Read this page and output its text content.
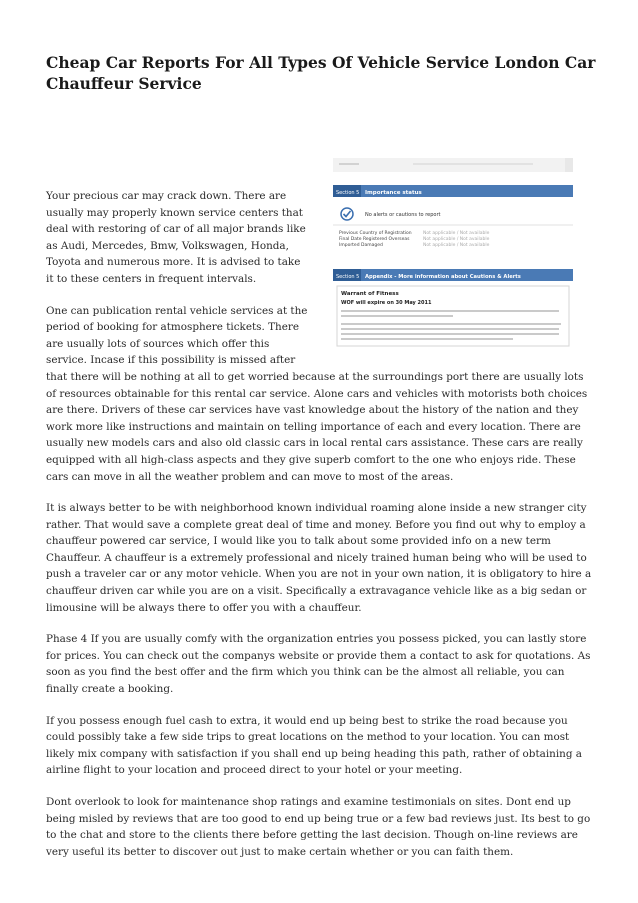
Cheap Car Reports For All Types Of Vehicle Service London Car Chauffeur Service
Section 5 Importance status
No alerts or cautions to report
Previous Country of Registration	Not applicable / Not available
Final Date Registered Overseas	Not applicable / Not available
Imported Damaged	Not applicable / Not available
Section 5 Appendix - More information about Cautions & Alerts
Warrant of Fitness
WOF will expire on 30 May 2011

Your precious car may crack down. There are usually may properly known service centers that deal with restoring of car of all major brands like as Audi, Mercedes, Bmw, Volkswagen, Honda, Toyota and numerous more. It is advised to take it to these centers in frequent intervals.

One can publication rental vehicle services at the period of booking for atmosphere tickets. There are usually lots of sources which offer this service. Incase if this possibility is missed after that there will be nothing at all to get worried because at the surroundings port there are usually lots of resources obtainable for this rental car service. Alone cars and vehicles with motorists both choices are there. Drivers of these car services have vast knowledge about the history of the nation and they work more like instructions and maintain on telling importance of each and every location. There are usually new models cars and also old classic cars in local rental cars assistance. These cars are really equipped with all high-class aspects and they give superb comfort to the one who enjoys ride. These cars can move in all the weather problem and can move to most of the areas.

It is always better to be with neighborhood known individual roaming alone inside a new stranger city rather. That would save a complete great deal of time and money. Before you find out why to employ a chauffeur powered car service, I would like you to talk about some provided info on a new term Chauffeur. A chauffeur is a extremely professional and nicely trained human being who will be used to push a traveler car or any motor vehicle. When you are not in your own nation, it is obligatory to hire a chauffeur driven car while you are on a visit. Specifically a extravagance vehicle like as a big sedan or limousine will be always there to offer you with a chauffeur.

Phase 4 If you are usually comfy with the organization entries you possess picked, you can lastly store for prices. You can check out the companys website or provide them a contact to ask for quotations. As soon as you find the best offer and the firm which you think can be the almost all reliable, you can finally create a booking.

If you possess enough fuel cash to extra, it would end up being best to strike the road because you could possibly take a few side trips to great locations on the method to your location. You can most likely mix company with satisfaction if you shall end up being heading this path, rather of obtaining a airline flight to your location and proceed direct to your hotel or your meeting.

Dont overlook to look for maintenance shop ratings and examine testimonials on sites. Dont end up being misled by reviews that are too good to end up being true or a few bad reviews just. Its best to go to the chat and store to the clients there before getting the last decision. Though on-line reviews are very useful its better to discover out just to make certain whether or you can faith them.
